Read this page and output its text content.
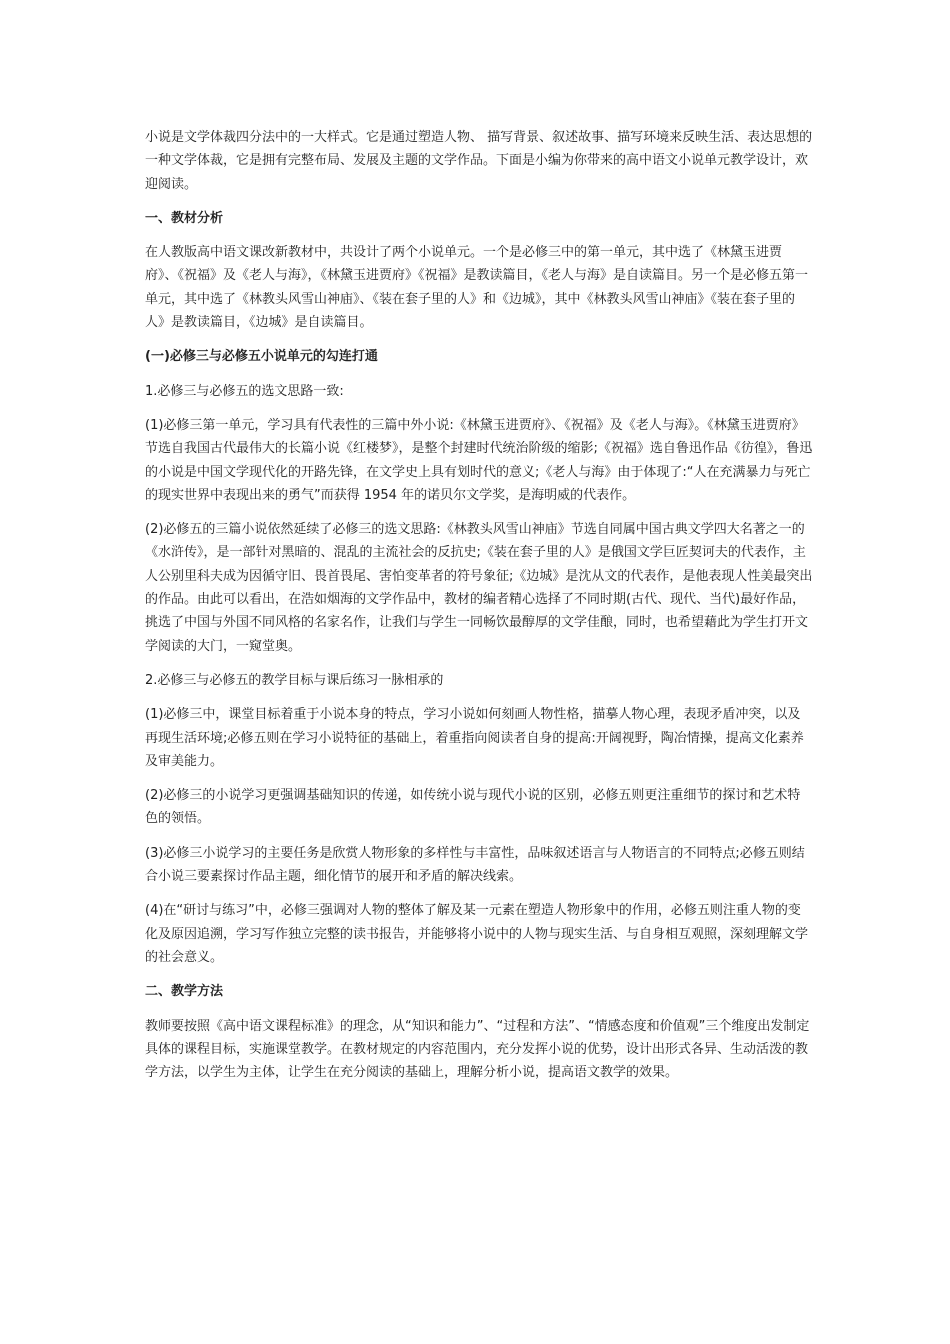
小说是文学体裁四分法中的一大样式。它是通过塑造人物、 描写背景、叙述故事、描写环境来反映生活、表达思想的一种文学体裁，它是拥有完整布局、发展及主题的文学作品。下面是小编为你带来的高中语文小说单元教学设计，欢迎阅读。

一、教材分析

在人教版高中语文课改新教材中，共设计了两个小说单元。一个是必修三中的第一单元，其中选了《林黛玉进贾府》、《祝福》及《老人与海》，《林黛玉进贾府》《祝福》是教读篇目，《老人与海》是自读篇目。另一个是必修五第一单元，其中选了《林教头风雪山神庙》、《装在套子里的人》和《边城》，其中《林教头风雪山神庙》《装在套子里的人》是教读篇目，《边城》是自读篇目。

(一)必修三与必修五小说单元的勾连打通

1.必修三与必修五的选文思路一致:

(1)必修三第一单元，学习具有代表性的三篇中外小说:《林黛玉进贾府》、《祝福》及《老人与海》。《林黛玉进贾府》节选自我国古代最伟大的长篇小说《红楼梦》，是整个封建时代统治阶级的缩影;《祝福》选自鲁迅作品《彷徨》，鲁迅的小说是中国文学现代化的开路先锋，在文学史上具有划时代的意义;《老人与海》由于体现了:“人在充满暴力与死亡的现实世界中表现出来的勇气”而获得 1954 年的诺贝尔文学奖，是海明威的代表作。

(2)必修五的三篇小说依然延续了必修三的选文思路:《林教头风雪山神庙》节选自同属中国古典文学四大名著之一的《水浒传》，是一部针对黑暗的、混乱的主流社会的反抗史;《装在套子里的人》是俄国文学巨匠契诃夫的代表作，主人公别里科夫成为因循守旧、畏首畏尾、害怕变革者的符号象征;《边城》是沈从文的代表作，是他表现人性美最突出的作品。由此可以看出，在浩如烟海的文学作品中，教材的编者精心选择了不同时期(古代、现代、当代)最好作品，挑选了中国与外国不同风格的名家名作，让我们与学生一同畅饮最醇厚的文学佳酿，同时，也希望藉此为学生打开文学阅读的大门，一窥堂奥。

2.必修三与必修五的教学目标与课后练习一脉相承的

(1)必修三中，课堂目标着重于小说本身的特点，学习小说如何刻画人物性格，描摹人物心理，表现矛盾冲突，以及再现生活环境;必修五则在学习小说特征的基础上，着重指向阅读者自身的提高:开阔视野，陶冶情操，提高文化素养及审美能力。

(2)必修三的小说学习更强调基础知识的传递，如传统小说与现代小说的区别，必修五则更注重细节的探讨和艺术特色的领悟。

(3)必修三小说学习的主要任务是欣赏人物形象的多样性与丰富性，品味叙述语言与人物语言的不同特点;必修五则结合小说三要素探讨作品主题，细化情节的展开和矛盾的解决线索。

(4)在“研讨与练习”中，必修三强调对人物的整体了解及某一元素在塑造人物形象中的作用，必修五则注重人物的变化及原因追溯，学习写作独立完整的读书报告，并能够将小说中的人物与现实生活、与自身相互观照，深刻理解文学的社会意义。

二、教学方法

教师要按照《高中语文课程标准》的理念，从“知识和能力”、“过程和方法”、“情感态度和价值观”三个维度出发制定具体的课程目标，实施课堂教学。在教材规定的内容范围内，充分发挥小说的优势，设计出形式各异、生动活泼的教学方法，以学生为主体，让学生在充分阅读的基础上，理解分析小说，提高语文教学的效果。
